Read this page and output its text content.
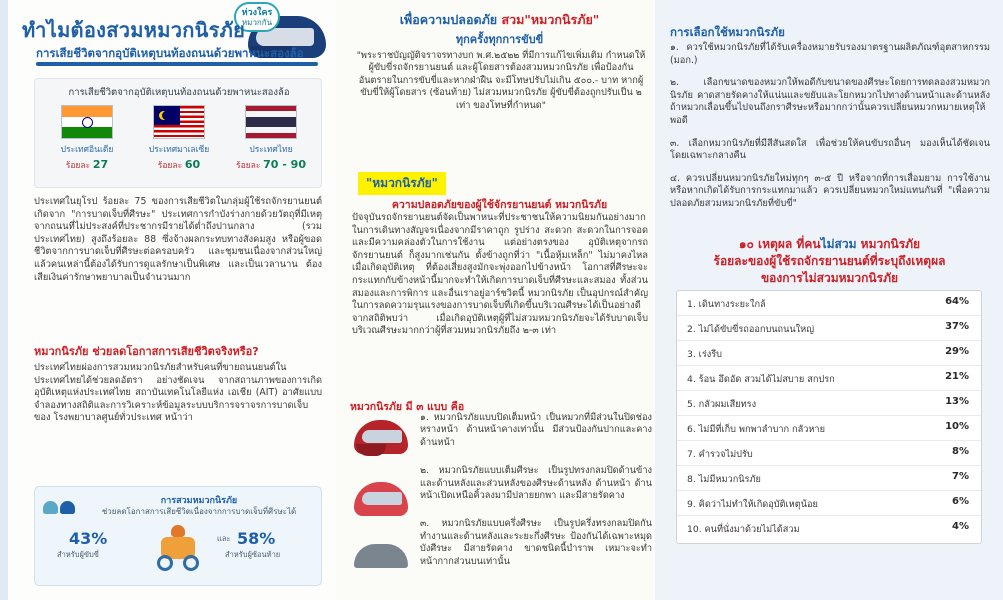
ห่วงใคร
หมวกกัน
ทำไมต้องสวมหมวกนิรภัย
การเสียชีวิตจากอุบัติเหตุบนท้องถนนด้วยพาหนะสองล้อ
การเสียชีวิตจากอุบัติเหตุบนท้องถนนด้วยพาหนะสองล้อ
ประเทศอินเดีย
ร้อยละ 27
ประเทศมาเลเซีย
ร้อยละ 60
ประเทศไทย
ร้อยละ 70 - 90
ประเทศในยุโรป ร้อยละ 75 ของการเสียชีวิตในกลุ่มผู้ใช้รถจักรยานยนต์เกิดจาก "การบาดเจ็บที่ศีรษะ" ประเทศการกำบังร่างกายด้วยวัตถุที่มีเหตุจากถนนที่ไม่ประสงค์ที่ประชากรมีรายได้ต่ำถึงปานกลาง (รวมประเทศไทย) สูงถึงร้อยละ 88 ซึ่งจ้างผลกระทบทางสังคมสูง หรือผู้ขอดชีวิตจากการบาดเจ็บที่ศีรษะต่อครอบครัว และชุมชนเนื่องจากส่วนใหญ่แล้วคนเหล่านี้ต้องได้รับการดูแลรักษาเป็นพิเศษ และเป็นเวลานาน ต้องเสียเงินค่ารักษาพยาบาลเป็นจำนวนมาก
หมวกนิรภัย ช่วยลดโอกาสการเสียชีวิตจริงหรือ?
ประเทศไทยผ่องการสวมหมวกนิรภัยสำหรับคนที่ขายถนนยนต์ในประเทศไทยได้ช่วยลดอัตรา อย่างชัดเจน จากสถานภาพของการเกิดอุบัติเหตุแห่งประเทศไทย สถาบันเทคโนโลยีแห่ง เอเชีย (AIT) อาศัยแบบจำลองทางสถิติและการวิเคราะห์ข้อมูลระบบบริการจราจรการบาดเจ็บของ โรงพยาบาลศูนย์ทั่วประเทศ หน้าว่า
การสวมหมวกนิรภัย
ช่วยลดโอกาสการเสียชีวิตเนื่องจากการบาดเจ็บที่ศีรษะได้
43%
สำหรับผู้ขับขี่
และ 58%
สำหรับผู้ซ้อนท้าย
เพื่อความปลอดภัย สวม"หมวกนิรภัย"
ทุกครั้งทุกการขับขี่
"พระราชบัญญัติจราจรทางบก พ.ศ.๒๕๒๒ ที่มีการแก้ไขเพิ่มเติม กำหนดให้ผู้ขับขี่รถจักรยานยนต์ และผู้โดยสารต้องสวมหมวกนิรภัย เพื่อป้องกันอันตรายในการขับขี่และหากฝ่าฝืน จะมีโทษปรับไม่เกิน ๕๐๐.- บาท หากผู้ขับขี่ให้ผู้โดยสาร (ซ้อนท้าย) ไม่สวมหมวกนิรภัย ผู้ขับขี่ต้องถูกปรับเป็น ๒ เท่า ของโทษที่กำหนด"
"หมวกนิรภัย"
ความปลอดภัยของผู้ใช้จักรยานยนต์ หมวกนิรภัย
ปัจจุบันรถจักรยานยนต์จัดเป็นพาหนะที่ประชาชนให้ความนิยมกันอย่างมากในการเดินทางสัญจรเนื่องจากมีราคาถูก รูปร่าง สะดวก สะดวกในการจอด และมีความคล่องตัวในการใช้งาน แต่อย่างตรงของ อุบัติเหตุจากรถจักรยานยนต์ ก็สูงมากเช่นกัน ตั้งข้างถูกที่ว่า "เนื้อหุ้มเหล็ก" ไม่มาคงไหล เมื่อเกิดอุบัติเหตุ ที่ต้องเสี่ยงสูงมักจะพุ่งออกไปข้างหน้า โอกาสที่ศีรษะจะกระแทกกับข้างหน้านี้มากจะทำให้เกิดการบาดเจ็บที่ศีรษะและสมอง ทั้งส่วนสมองและการพิการ และอื่นเราอยู่อาร์ชวิตนี้ หมวกนิรภัย เป็นอุปกรณ์สำคัญในการลดความรุนแรงของการบาดเจ็บที่เกิดขึ้นบริเวณศีรษะได้เป็นอย่างดี จากสถิติพบว่า เมื่อเกิดอุบัติเหตุผู้ที่ไม่สวมหมวกนิรภัยจะได้รับบาดเจ็บบริเวณศีรษะมากกว่าผู้ที่สวมหมวกนิรภัยถึง ๒-๓ เท่า
หมวกนิรภัย มี ๓ แบบ คือ

๑. หมวกนิรภัยแบบปิดเต็มหน้า เป็นหมวกที่มีส่วนในปิดช่องหรางหน้า ด้านหน้าคางเท่านั้น มีส่วนป้องกันปากและคางด้านหน้า

๒. หมวกนิรภัยแบบเต็มศีรษะ เป็นรูปทรงกลมปิดด้านข้างและด้านหลังและส่วนหลังของศีรษะด้านหลัง ด้านหน้า ด้านหน้าเปิดเหนือคิ้วลงมามีปลายยกพา และมีสายรัดคาง

๓. หมวกนิรภัยแบบครึ่งศีรษะ เป็นรูปครึ่งทรงกลมปิดกันทำงานและด้านหลังและระยะกึ่งศีรษะ ป้องกันได้เฉพาะหมุดบังศีรษะ มีสายรัดคาง ขาดชนิดนี้บำราพ เหมาะจะทำหน้ากากส่วนบนเท่านั้น

การเลือกใช้หมวกนิรภัย

๑. ควรใช้หมวกนิรภัยที่ได้รับเครื่องหมายรับรองมาตรฐานผลิตภัณฑ์อุตสาหกรรม (มอก.)

๒. เลือกขนาดของหมวกให้พอดีกับขนาดของศีรษะโดยการทดลองสวมหมวกนิรภัย คาดสายรัดคางให้แน่นและขยับและโยกหมวกไปทางด้านหน้าและด้านหลัง ถ้าหมวกเลื่อนขึ้นไปจนถึงกราศีรษะหรือมากกว่านั้นควรเปลี่ยนหมวกหมายเหตุให้พอดี

๓. เลือกหมวกนิรภัยที่มีสีสันสดใส เพื่อช่วยให้คนขับรถอื่นๆ มองเห็นได้ชัดเจน โดยเฉพาะกลางคืน

๔. ควรเปลี่ยนหมวกนิรภัยใหม่ทุกๆ ๓-๕ ปี หรือจากที่การเสื่อมยาม การใช้งานหรือหากเกิดได้รับการกระแทกมาแล้ว ควรเปลี่ยนหมวกใหม่แทนกันที่ "เพื่อความปลอดภัยสวมหมวกนิรภัยที่ขับขี่"

๑๐ เหตุผล ที่คนไม่สวม หมวกนิรภัย
ร้อยละของผู้ใช้รถจักรยานยนต์ที่ระบุถึงเหตุผล
ของการไม่สวมหมวกนิรภัย
1. เดินทางระยะใกล้	64%
2. ไม่ได้ขับขี่รถออกบนถนนใหญ่	37%
3. เร่งรีบ	29%
4. ร้อน อึดอัด สวมได้ไม่สบาย สกปรก	21%
5. กลัวผมเสียทรง	13%
6. ไม่มีที่เก็บ พกพาลำบาก กลัวหาย	10%
7. คำรวจไม่ปรับ	8%
8. ไม่มีหมวกนิรภัย	7%
9. คิดว่าไม่ทำให้เกิดอุบัติเหตุน้อย	6%
10. คนที่นั่งมาด้วยไม่ได้สวม	4%
